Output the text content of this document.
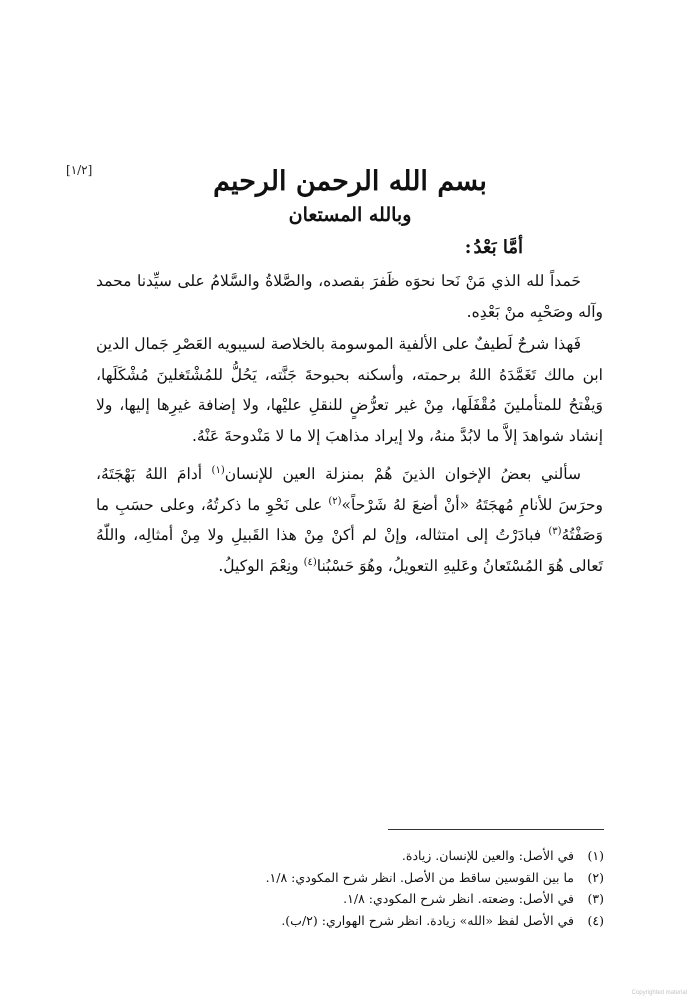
[١/٢]	بسم الله الرحمن الرحيم
وبالله المستعان
أمَّا بَعْدُ:

حَمداً لله الذي مَنْ نَحا نحوَه ظَفرَ بقصده، والصَّلاةُ والسَّلامُ على سيِّدنا محمد وآله وصَحْبِه منْ بَعْدِه.

فَهذا شرحٌ لَطيفٌ على الألفية الموسومة بالخلاصة لسيبويه العَصْرِ جَمال الدين ابن مالك تَغَمَّدَهُ اللهُ برحمته، وأسكنه بحبوحةَ جَنَّته، يَحُلُّ للمُشْتَغلينَ مُشْكَلَها، وَيفْتحُ للمتأملينَ مُقْفَلَها، مِنْ غير تعرُّضٍ للنقلِ عليْها، ولا إضافة غيرِها إليها، ولا إنشاد شواهدَ إلاَّ ما لابُدَّ منهُ، ولا إيراد مذاهبَ إلا ما لا مَنْدوحةَ عَنْهُ.

سألني بعضُ الإخوان الذينَ هُمْ بمنزلة العين للإنسان$^{(١)}$ أدامَ اللهُ بَهْجَتَهُ، وحرَسَ للأنامِ مُهجَتَهُ «أنْ أضعَ لهُ شَرْحاً»$^{(٢)}$ على نَحْوِ ما ذكرتُهُ، وعلى حسَبِ ما وَصَفْتُهُ$^{(٣)}$ فبادَرْتُ إلى امتثاله، وإنْ لم أكنْ مِنْ هذا القَبيلِ ولا مِنْ أمثالِه، واللّهُ تَعالى هُوَ المُسْتَعانُ وعَليهِ التعويلُ، وهُوَ حَسْبُنا$^{(٤)}$ ونِعْمَ الوكيلُ.

(١) في الأصل: والعين للإنسان. زيادة.
(٢) ما بين القوسين ساقط من الأصل. انظر شرح المكودي: ١/٨.
(٣) في الأصل: وضعته. انظر شرح المكودي: ١/٨.
(٤) في الأصل لفظ «الله» زيادة. انظر شرح الهواري: (٢/ب).
Copyrighted material
